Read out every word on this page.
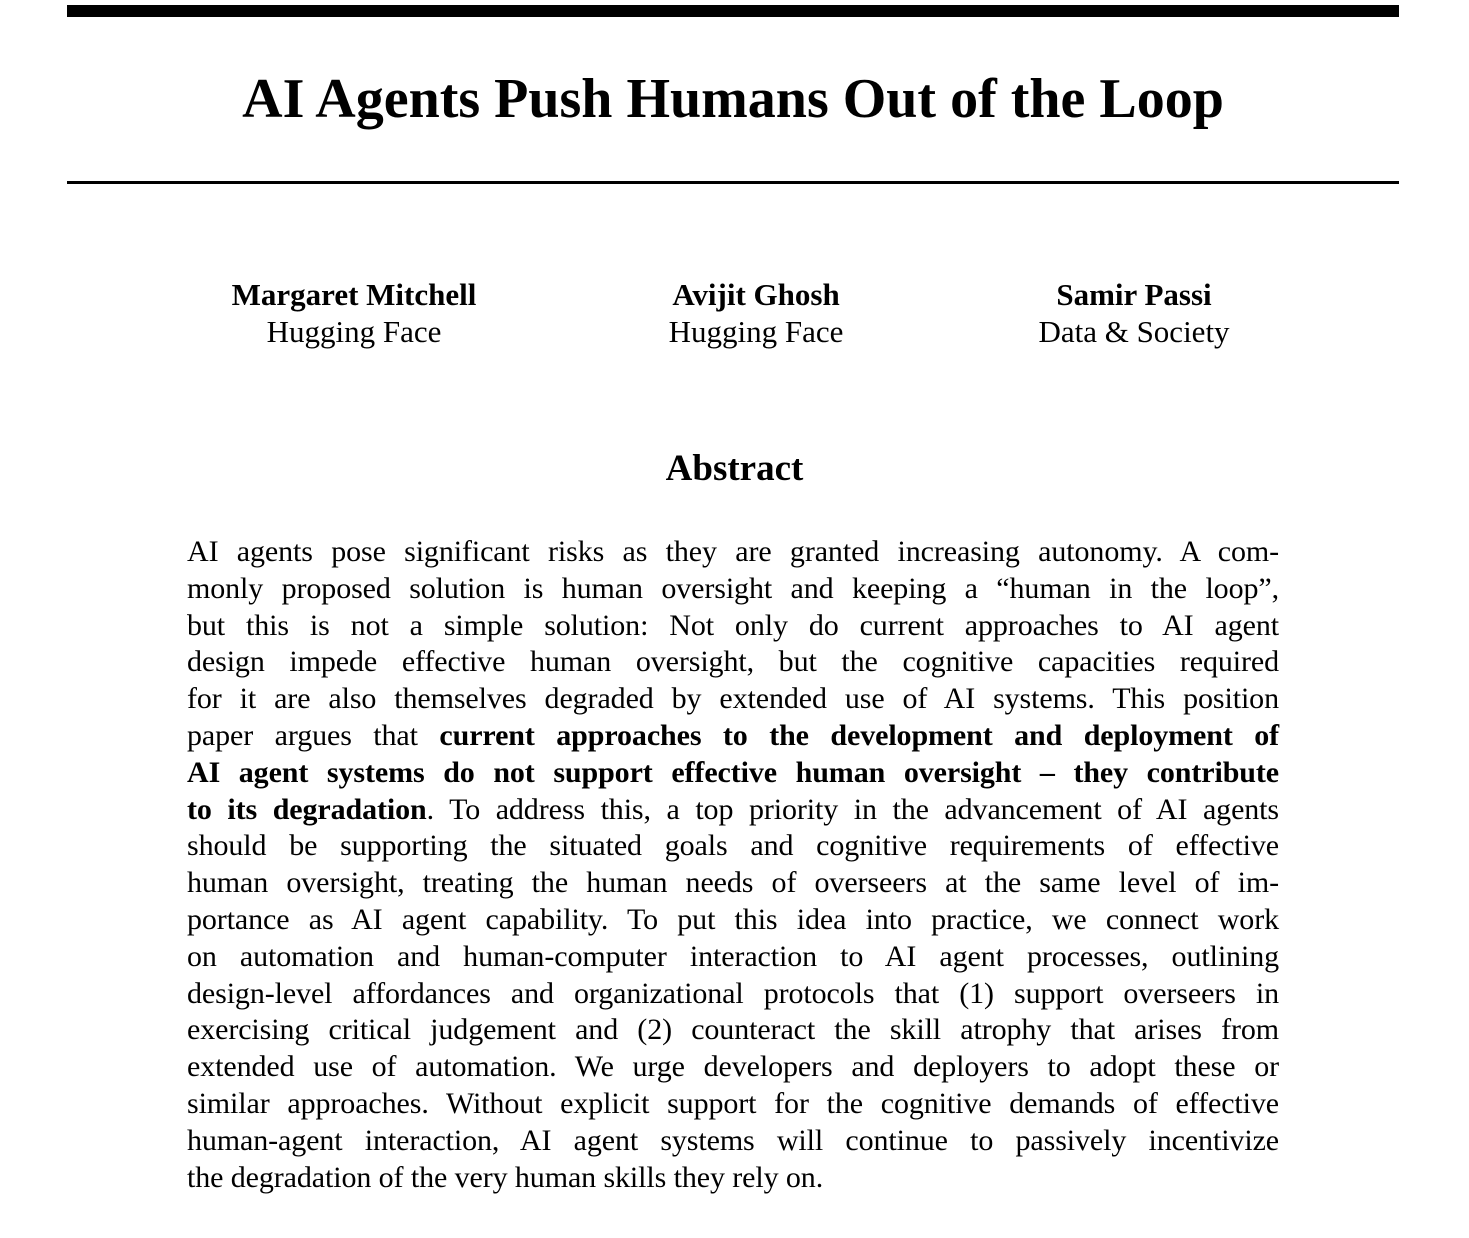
AI Agents Push Humans Out of the Loop
Margaret Mitchell
Hugging Face
Avijit Ghosh
Hugging Face
Samir Passi
Data & Society
Abstract
AI agents pose significant risks as they are granted increasing autonomy. A com-
monly proposed solution is human oversight and keeping a “human in the loop”,
but this is not a simple solution: Not only do current approaches to AI agent
design impede effective human oversight, but the cognitive capacities required
for it are also themselves degraded by extended use of AI systems. This position
paper argues that current approaches to the development and deployment of
AI agent systems do not support effective human oversight – they contribute
to its degradation. To address this, a top priority in the advancement of AI agents
should be supporting the situated goals and cognitive requirements of effective
human oversight, treating the human needs of overseers at the same level of im-
portance as AI agent capability. To put this idea into practice, we connect work
on automation and human-computer interaction to AI agent processes, outlining
design-level affordances and organizational protocols that (1) support overseers in
exercising critical judgement and (2) counteract the skill atrophy that arises from
extended use of automation. We urge developers and deployers to adopt these or
similar approaches. Without explicit support for the cognitive demands of effective
human-agent interaction, AI agent systems will continue to passively incentivize
the degradation of the very human skills they rely on.
